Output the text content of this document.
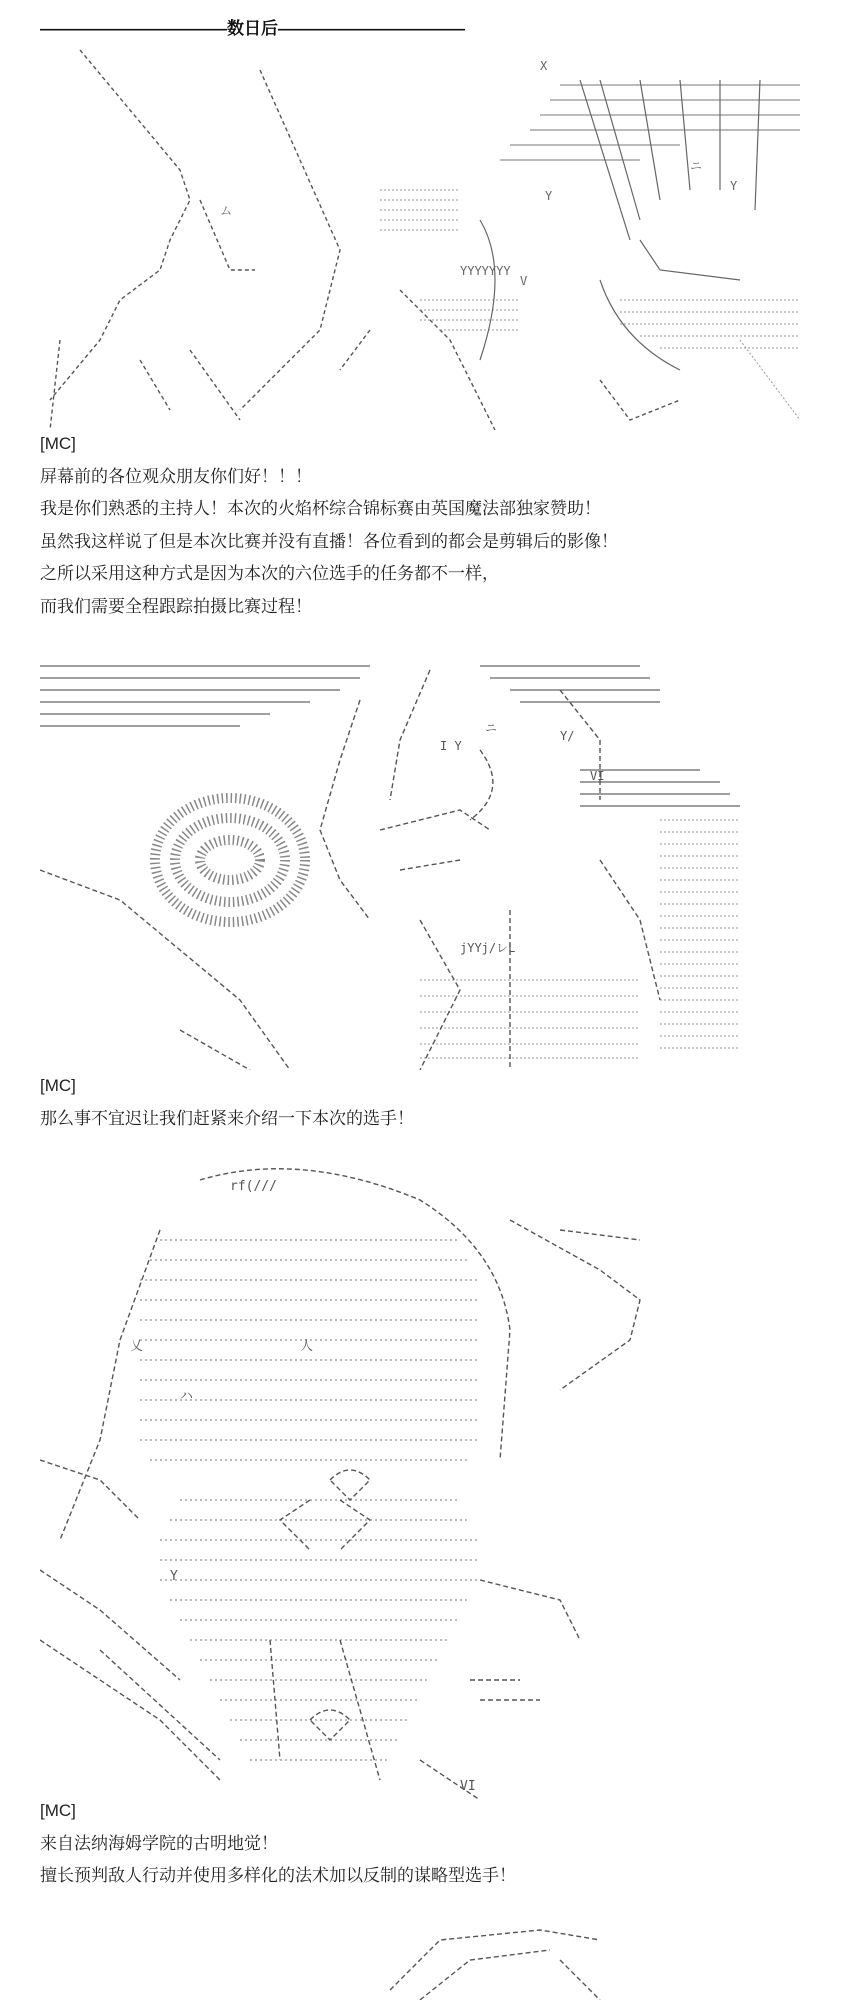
———————————数日后———————————
X
Y
V
Y
ニ
ム
YYYYYYY

[MC]

屏幕前的各位观众朋友你们好！！！

我是你们熟悉的主持人！本次的火焰杯综合锦标赛由英国魔法部独家赞助！

虽然我这样说了但是本次比赛并没有直播！各位看到的都会是剪辑后的影像！

之所以采用这种方式是因为本次的六位选手的任务都不一样，

而我们需要全程跟踪拍摄比赛过程！

jYYj/レL
VI
Y/
I Y
ニ

[MC]

那么事不宜迟让我们赶紧来介绍一下本次的选手！

rf(///
乂	人
ハ
Y
VI

[MC]

来自法纳海姆学院的古明地觉！

擅长预判敌人行动并使用多样化的法术加以反制的谋略型选手！
